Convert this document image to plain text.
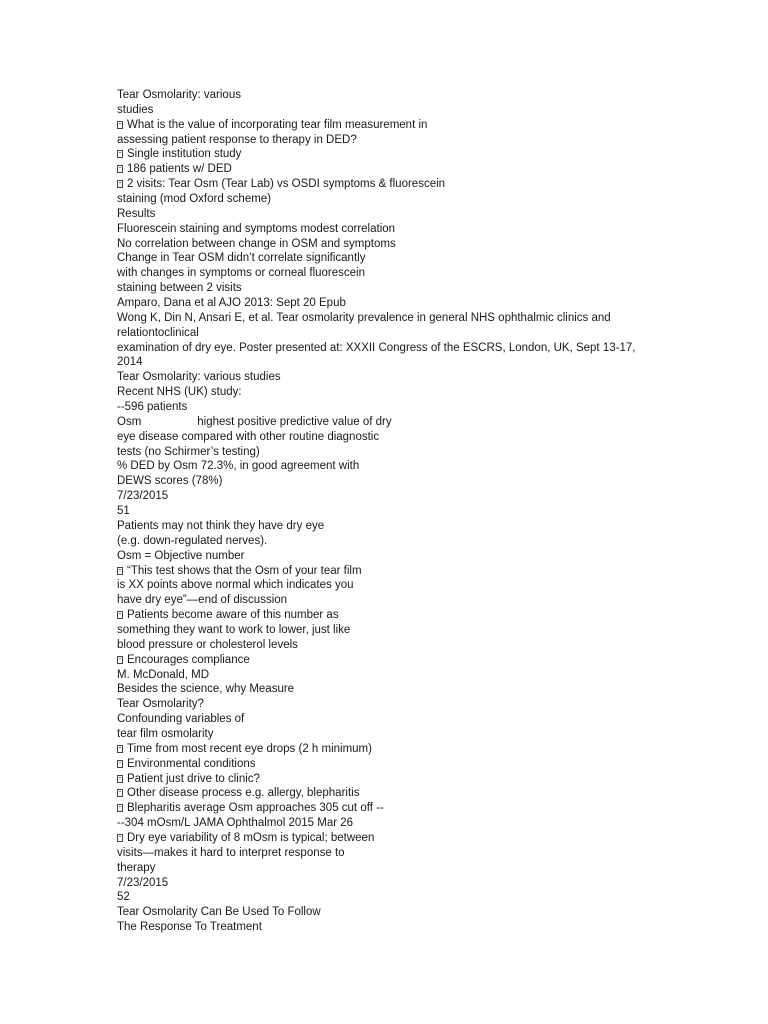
Tear Osmolarity: various
studies
What is the value of incorporating tear film measurement in
assessing patient response to therapy in DED?
Single institution study
186 patients w/ DED
2 visits: Tear Osm (Tear Lab) vs OSDI symptoms & fluorescein
staining (mod Oxford scheme)
Results
Fluorescein staining and symptoms modest correlation
No correlation between change in OSM and symptoms
Change in Tear OSM didn’t correlate significantly
with changes in symptoms or corneal fluorescein
staining between 2 visits
Amparo, Dana et al AJO 2013: Sept 20 Epub
Wong K, Din N, Ansari E, et al. Tear osmolarity prevalence in general NHS ophthalmic clinics and
relationtoclinical
examination of dry eye. Poster presented at: XXXII Congress of the ESCRS, London, UK, Sept 13-17,
2014
Tear Osmolarity: various studies
Recent NHS (UK) study:
--596 patients
Osm	highest positive predictive value of dry
eye disease compared with other routine diagnostic
tests (no Schirmer’s testing)
% DED by Osm 72.3%, in good agreement with
DEWS scores (78%)
7/23/2015
51
Patients may not think they have dry eye
(e.g. down-regulated nerves).
Osm = Objective number
“This test shows that the Osm of your tear film
is XX points above normal which indicates you
have dry eye”—end of discussion
Patients become aware of this number as
something they want to work to lower, just like
blood pressure or cholesterol levels
Encourages compliance
M. McDonald, MD
Besides the science, why Measure
Tear Osmolarity?
Confounding variables of
tear film osmolarity
Time from most recent eye drops (2 h minimum)
Environmental conditions
Patient just drive to clinic?
Other disease process e.g. allergy, blepharitis
Blepharitis average Osm approaches 305 cut off --
--304 mOsm/L JAMA Ophthalmol 2015 Mar 26
Dry eye variability of 8 mOsm is typical; between
visits—makes it hard to interpret response to
therapy
7/23/2015
52
Tear Osmolarity Can Be Used To Follow
The Response To Treatment
